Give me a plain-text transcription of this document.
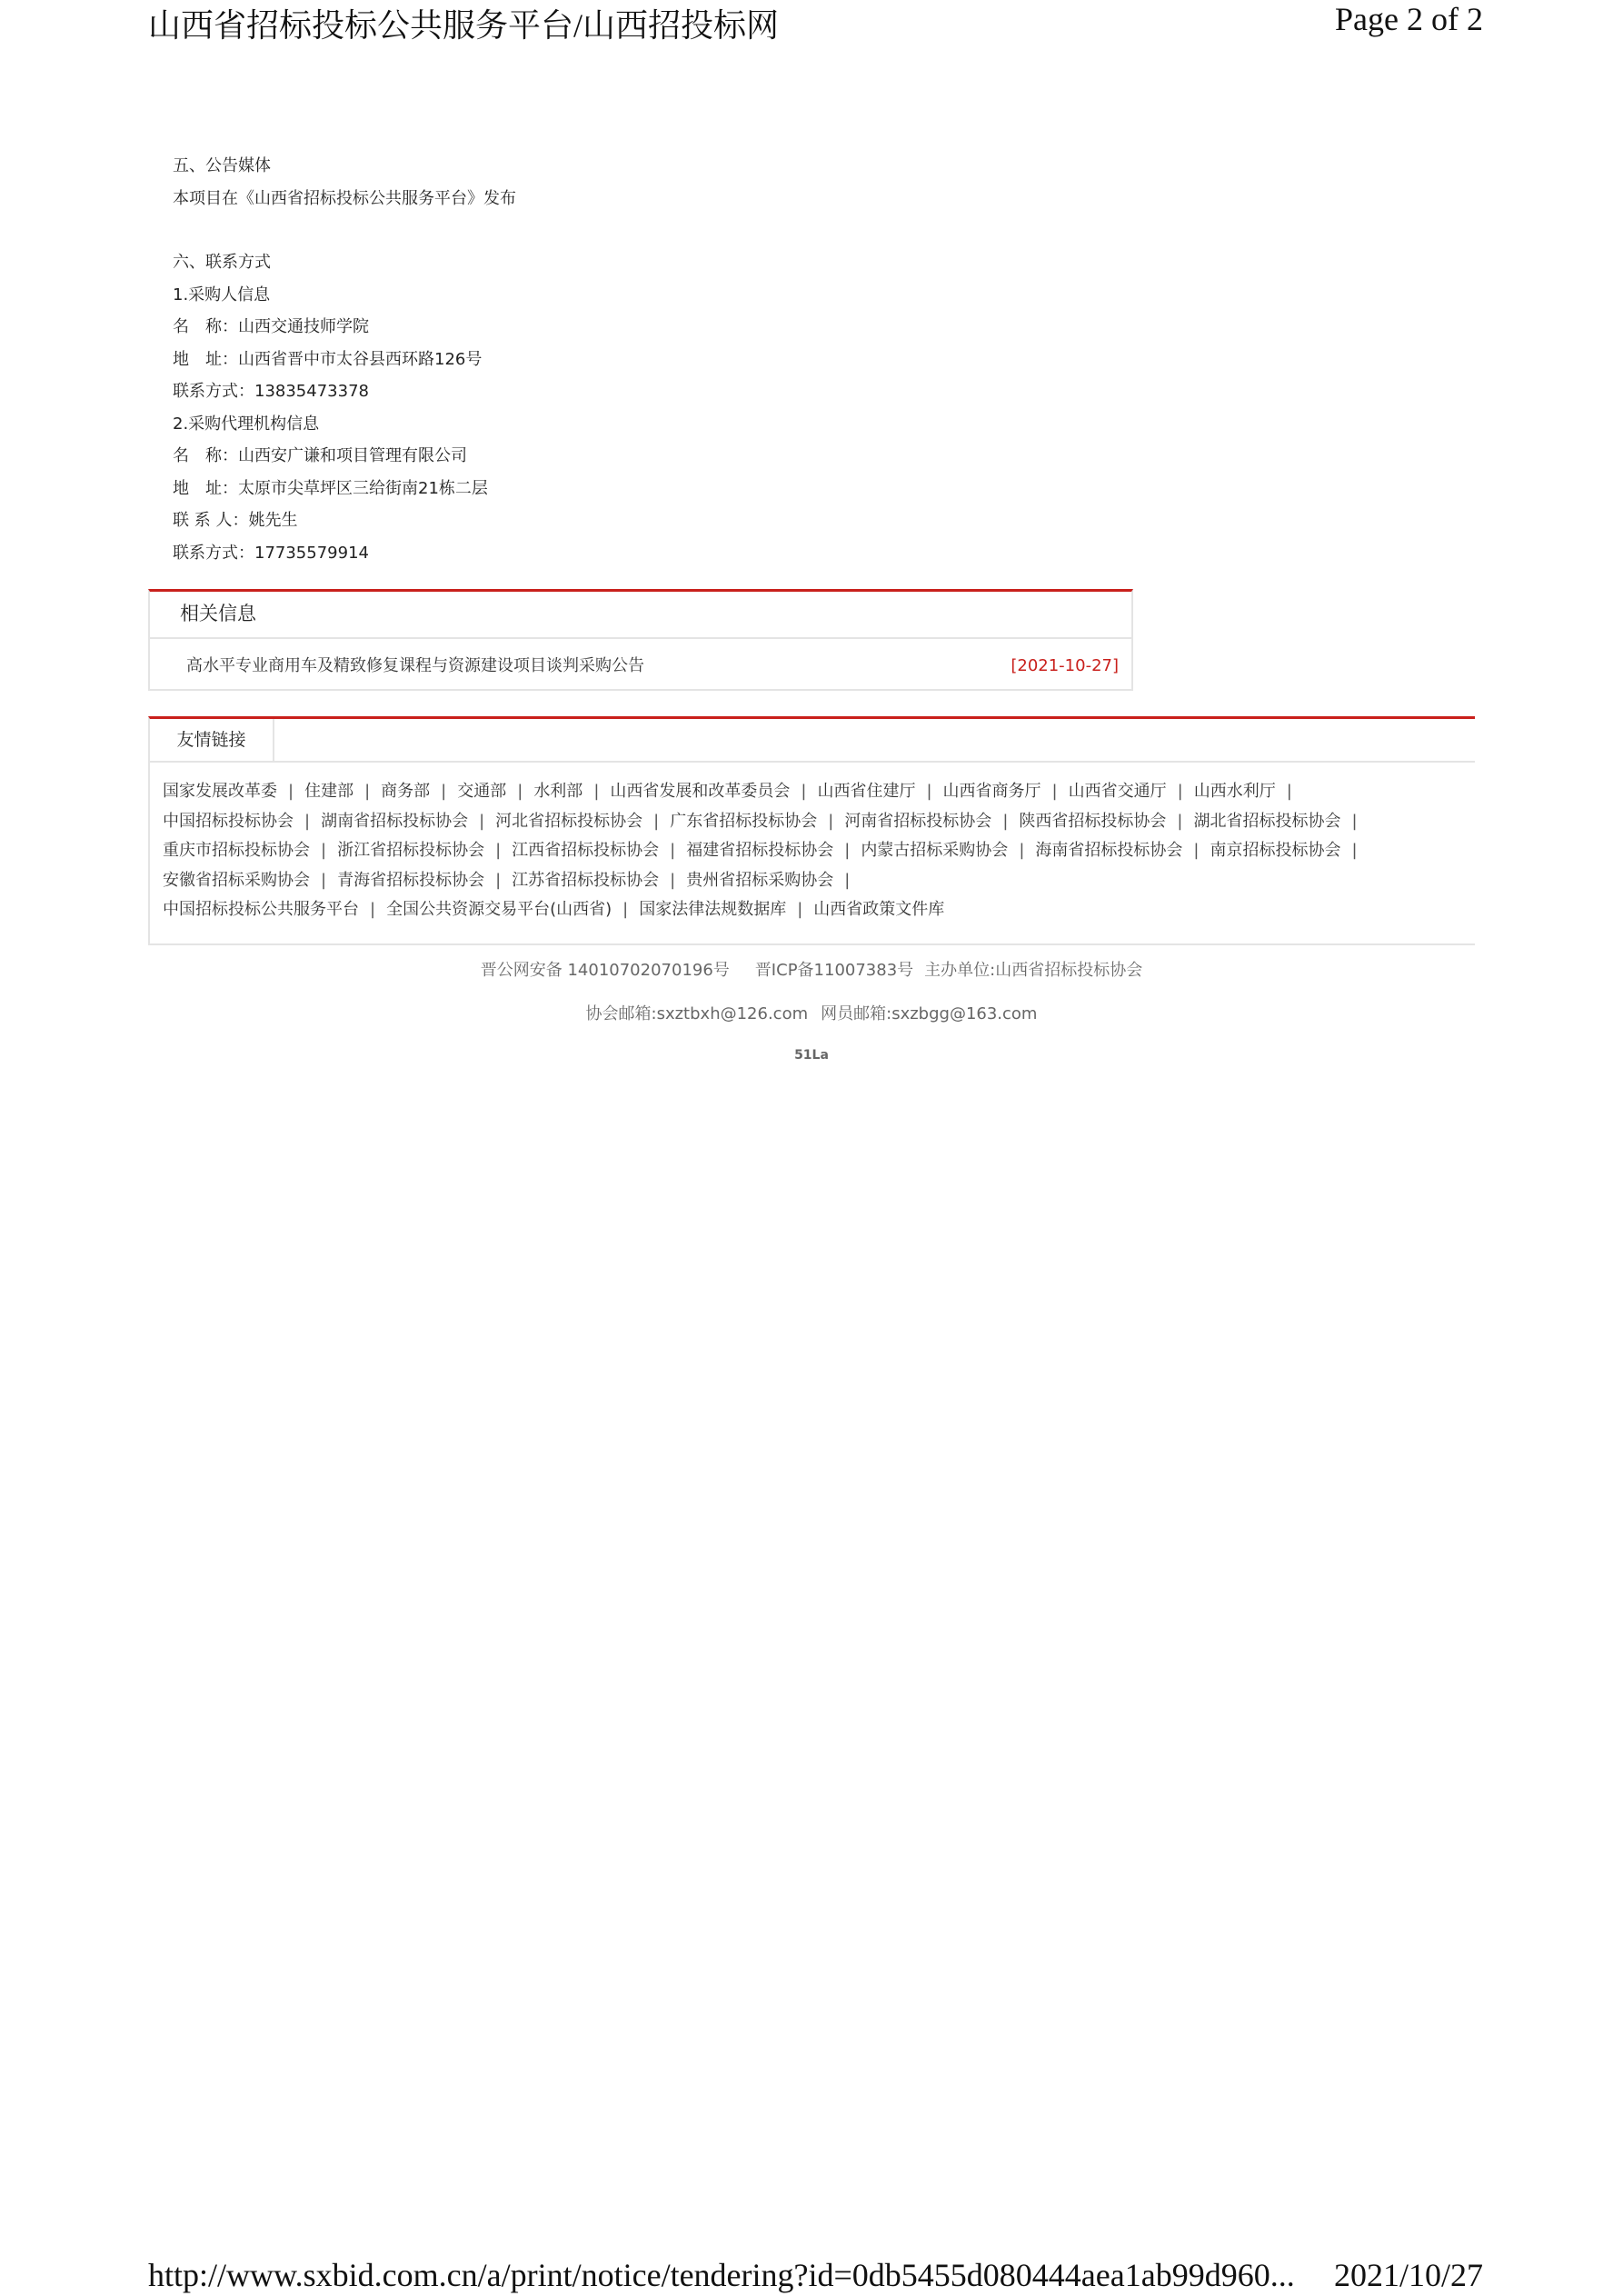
山西省招标投标公共服务平台/山西招投标网	Page 2 of 2
五、公告媒体
本项目在《山西省招标投标公共服务平台》发布
六、联系方式
1.采购人信息
名　称：山西交通技师学院
地　址：山西省晋中市太谷县西环路126号
联系方式：13835473378
2.采购代理机构信息
名　称：山西安广谦和项目管理有限公司
地　址：太原市尖草坪区三给街南21栋二层
联 系 人：姚先生
联系方式：17735579914
相关信息
高水平专业商用车及精致修复课程与资源建设项目谈判采购公告	[2021-10-27]
友情链接
国家发展改革委 | 住建部 | 商务部 | 交通部 | 水利部 | 山西省发展和改革委员会 | 山西省住建厅 | 山西省商务厅 | 山西省交通厅 | 山西水利厅 |
中国招标投标协会 | 湖南省招标投标协会 | 河北省招标投标协会 | 广东省招标投标协会 | 河南省招标投标协会 | 陕西省招标投标协会 | 湖北省招标投标协会 |
重庆市招标投标协会 | 浙江省招标投标协会 | 江西省招标投标协会 | 福建省招标投标协会 | 内蒙古招标采购协会 | 海南省招标投标协会 | 南京招标投标协会 |
安徽省招标采购协会 | 青海省招标投标协会 | 江苏省招标投标协会 | 贵州省招标采购协会 |
中国招标投标公共服务平台 | 全国公共资源交易平台(山西省) | 国家法律法规数据库 | 山西省政策文件库
晋公网安备 14010702070196号 晋ICP备11007383号 主办单位:山西省招标投标协会
协会邮箱:sxztbxh@126.com 网员邮箱:sxzbgg@163.com
51La
http://www.sxbid.com.cn/a/print/notice/tendering?id=0db5455d080444aea1ab99d960... 2021/10/27
